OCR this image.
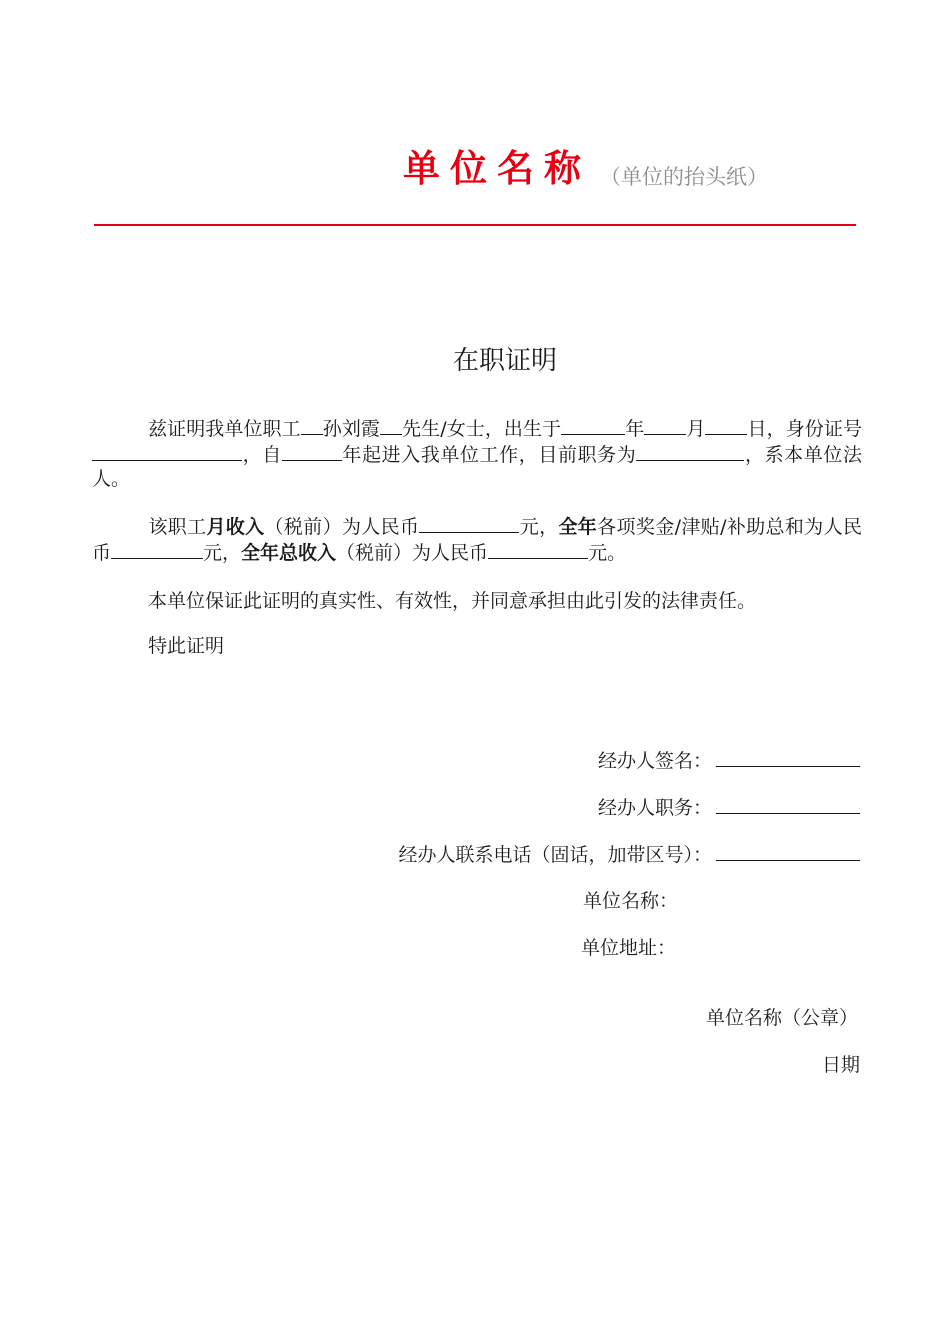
单位名称 （单位的抬头纸）
在职证明
兹证明我单位职工 孙刘霞 先生/女士，出生于	年 月 日，身份证号，自	年起进入我单位工作，目前职务为	，系本单位法人。
该职工月收入（税前）为人民币	元，全年各项奖金/津贴/补助总和为人民币	元，全年总收入（税前）为人民币	元。
本单位保证此证明的真实性、有效性，并同意承担由此引发的法律责任。
特此证明
经办人签名：
经办人职务：
经办人联系电话（固话，加带区号）：
单位名称：
单位地址：
单位名称（公章）
日期
